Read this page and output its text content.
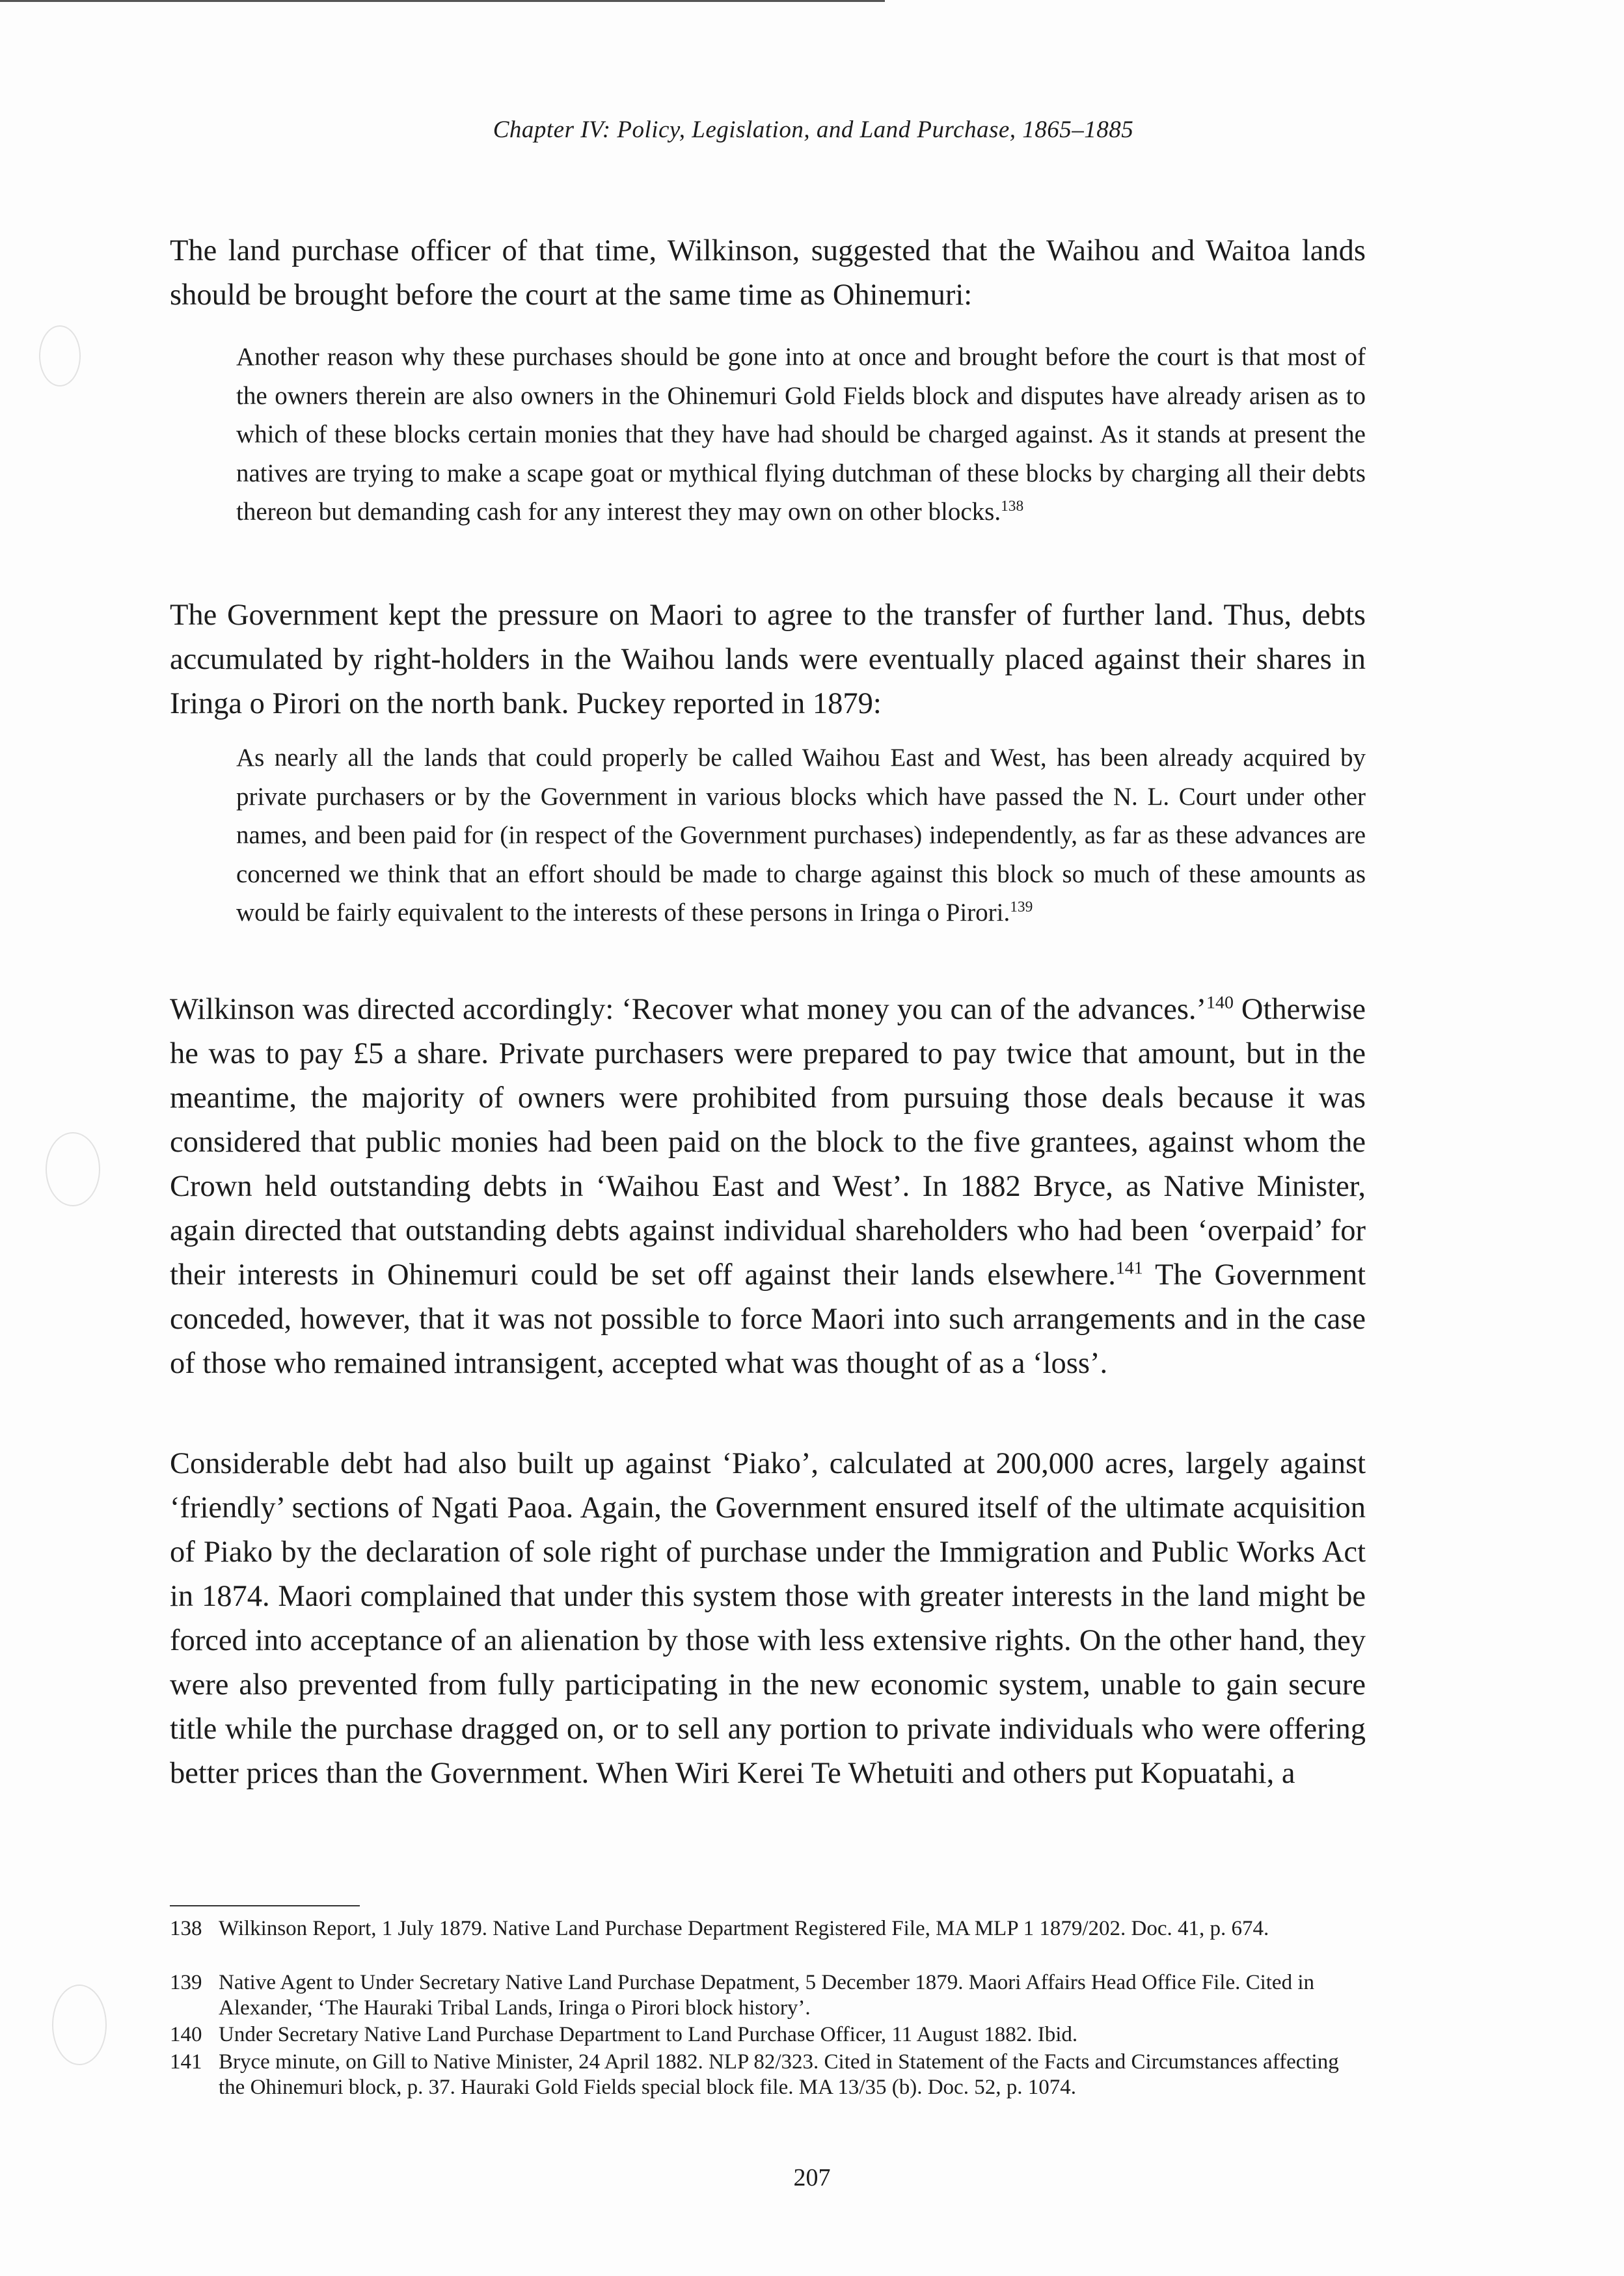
Chapter IV: Policy, Legislation, and Land Purchase, 1865–1885

The land purchase officer of that time, Wilkinson, suggested that the Waihou and Waitoa lands should be brought before the court at the same time as Ohinemuri:

Another reason why these purchases should be gone into at once and brought before the court is that most of the owners therein are also owners in the Ohinemuri Gold Fields block and disputes have already arisen as to which of these blocks certain monies that they have had should be charged against. As it stands at present the natives are trying to make a scape goat or mythical flying dutchman of these blocks by charging all their debts thereon but demanding cash for any interest they may own on other blocks.$^{138}$

The Government kept the pressure on Maori to agree to the transfer of further land. Thus, debts accumulated by right-holders in the Waihou lands were eventually placed against their shares in Iringa o Pirori on the north bank. Puckey reported in 1879:

As nearly all the lands that could properly be called Waihou East and West, has been already acquired by private purchasers or by the Government in various blocks which have passed the N. L. Court under other names, and been paid for (in respect of the Government purchases) independently, as far as these advances are concerned we think that an effort should be made to charge against this block so much of these amounts as would be fairly equivalent to the interests of these persons in Iringa o Pirori.$^{139}$

Wilkinson was directed accordingly: ‘Recover what money you can of the advances.’$^{140}$ Otherwise he was to pay £5 a share. Private purchasers were prepared to pay twice that amount, but in the meantime, the majority of owners were prohibited from pursuing those deals because it was considered that public monies had been paid on the block to the five grantees, against whom the Crown held outstanding debts in ‘Waihou East and West’. In 1882 Bryce, as Native Minister, again directed that outstanding debts against individual shareholders who had been ‘overpaid’ for their interests in Ohinemuri could be set off against their lands elsewhere.$^{141}$ The Government conceded, however, that it was not possible to force Maori into such arrangements and in the case of those who remained intransigent, accepted what was thought of as a ‘loss’.

Considerable debt had also built up against ‘Piako’, calculated at 200,000 acres, largely against ‘friendly’ sections of Ngati Paoa. Again, the Government ensured itself of the ultimate acquisition of Piako by the declaration of sole right of purchase under the Immigration and Public Works Act in 1874. Maori complained that under this system those with greater interests in the land might be forced into acceptance of an alienation by those with less extensive rights. On the other hand, they were also prevented from fully participating in the new economic system, unable to gain secure title while the purchase dragged on, or to sell any portion to private individuals who were offering better prices than the Government. When Wiri Kerei Te Whetuiti and others put Kopuatahi, a

138 Wilkinson Report, 1 July 1879. Native Land Purchase Department Registered File, MA MLP 1 1879/202. Doc. 41, p. 674.
139 Native Agent to Under Secretary Native Land Purchase Depatment, 5 December 1879. Maori Affairs Head Office File. Cited in Alexander, ‘The Hauraki Tribal Lands, Iringa o Pirori block history’.
140 Under Secretary Native Land Purchase Department to Land Purchase Officer, 11 August 1882. Ibid.
141 Bryce minute, on Gill to Native Minister, 24 April 1882. NLP 82/323. Cited in Statement of the Facts and Circumstances affecting the Ohinemuri block, p. 37. Hauraki Gold Fields special block file. MA 13/35 (b). Doc. 52, p. 1074.
207
